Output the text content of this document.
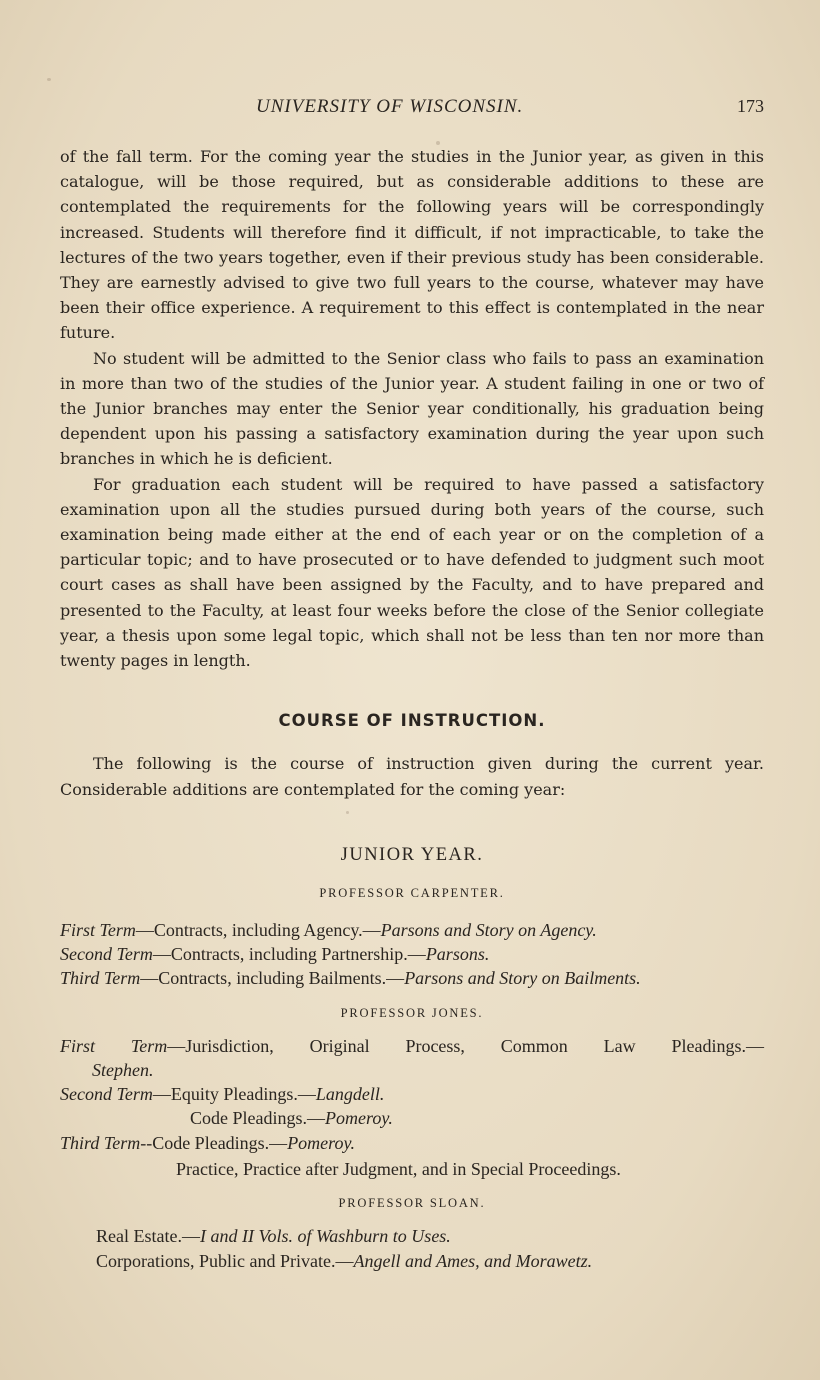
UNIVERSITY OF WISCONSIN.	173

of the fall term. For the coming year the studies in the Junior year, as given in this catalogue, will be those required, but as considerable additions to these are contemplated the requirements for the following years will be correspondingly increased. Students will therefore find it difficult, if not impracticable, to take the lectures of the two years together, even if their previous study has been considerable. They are earnestly advised to give two full years to the course, whatever may have been their office experience. A requirement to this effect is contemplated in the near future.

No student will be admitted to the Senior class who fails to pass an examination in more than two of the studies of the Junior year. A student failing in one or two of the Junior branches may enter the Senior year conditionally, his graduation being dependent upon his passing a satisfactory examination during the year upon such branches in which he is deficient.

For graduation each student will be required to have passed a satisfactory examination upon all the studies pursued during both years of the course, such examination being made either at the end of each year or on the completion of a particular topic; and to have prosecuted or to have defended to judgment such moot court cases as shall have been assigned by the Faculty, and to have prepared and presented to the Faculty, at least four weeks before the close of the Senior collegiate year, a thesis upon some legal topic, which shall not be less than ten nor more than twenty pages in length.

COURSE OF INSTRUCTION.

The following is the course of instruction given during the current year. Considerable additions are contemplated for the coming year:

JUNIOR YEAR.
PROFESSOR CARPENTER.
First Term—Contracts, including Agency.—Parsons and Story on Agency.
Second Term—Contracts, including Partnership.—Parsons.
Third Term—Contracts, including Bailments.—Parsons and Story on Bailments.
PROFESSOR JONES.
First Term—Jurisdiction, Original Process, Common Law Pleadings.—
Stephen.
Second Term—Equity Pleadings.—Langdell.
Code Pleadings.—Pomeroy.
Third Term--Code Pleadings.—Pomeroy.
Practice, Practice after Judgment, and in Special Proceedings.
PROFESSOR SLOAN.
Real Estate.—I and II Vols. of Washburn to Uses.
Corporations, Public and Private.—Angell and Ames, and Morawetz.
